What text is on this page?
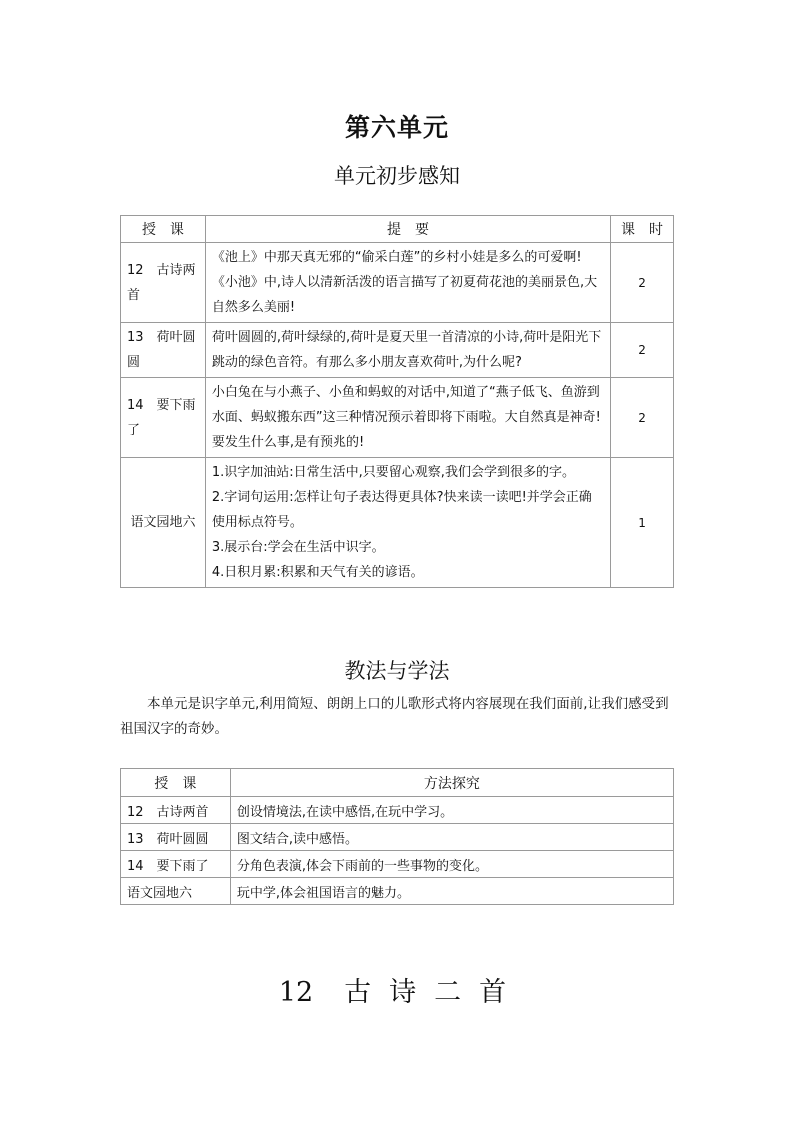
第六单元
单元初步感知
授　课	提　要	课　时
12　古诗两首	《池上》中那天真无邪的“偷采白莲”的乡村小娃是多么的可爱啊!

《小池》中,诗人以清新活泼的语言描写了初夏荷花池的美丽景色,大自然多么美丽!	2
13　荷叶圆圆	荷叶圆圆的,荷叶绿绿的,荷叶是夏天里一首清凉的小诗,荷叶是阳光下跳动的绿色音符。有那么多小朋友喜欢荷叶,为什么呢?	2
14　要下雨了	小白兔在与小燕子、小鱼和蚂蚁的对话中,知道了“燕子低飞、鱼游到水面、蚂蚁搬东西”这三种情况预示着即将下雨啦。大自然真是神奇!要发生什么事,是有预兆的!	2
语文园地六	1.识字加油站:日常生活中,只要留心观察,我们会学到很多的字。

2.字词句运用:怎样让句子表达得更具体?快来读一读吧!并学会正确使用标点符号。

3.展示台:学会在生活中识字。

4.日积月累:积累和天气有关的谚语。	1
教法与学法
本单元是识字单元,利用简短、朗朗上口的儿歌形式将内容展现在我们面前,让我们感受到祖国汉字的奇妙。
授　课	方法探究
12　古诗两首	创设情境法,在读中感悟,在玩中学习。
13　荷叶圆圆	图文结合,读中感悟。
14　要下雨了	分角色表演,体会下雨前的一些事物的变化。
语文园地六	玩中学,体会祖国语言的魅力。
12 古 诗 二 首
